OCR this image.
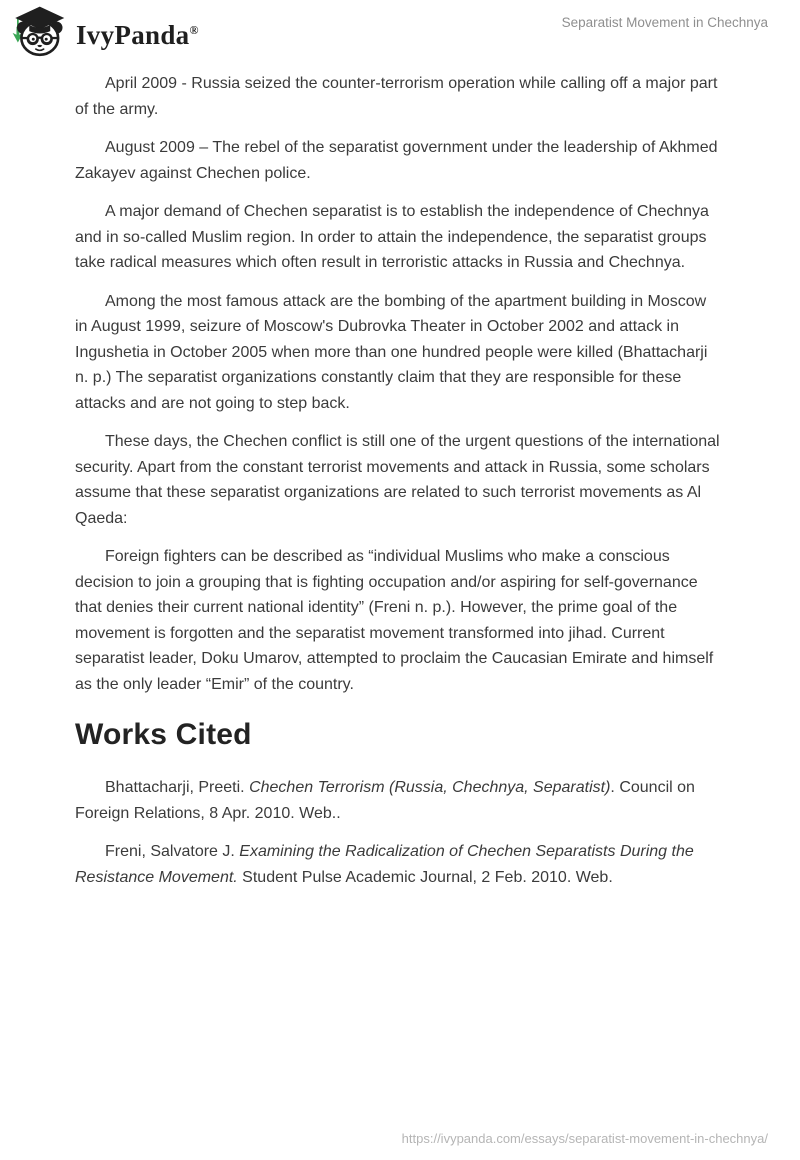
IvyPanda®	Separatist Movement in Chechnya

April 2009 - Russia seized the counter-terrorism operation while calling off a major part of the army.

August 2009 – The rebel of the separatist government under the leadership of Akhmed Zakayev against Chechen police.

A major demand of Chechen separatist is to establish the independence of Chechnya and in so-called Muslim region. In order to attain the independence, the separatist groups take radical measures which often result in terroristic attacks in Russia and Chechnya.

Among the most famous attack are the bombing of the apartment building in Moscow in August 1999, seizure of Moscow's Dubrovka Theater in October 2002 and attack in Ingushetia in October 2005 when more than one hundred people were killed (Bhattacharji n. p.) The separatist organizations constantly claim that they are responsible for these attacks and are not going to step back.

These days, the Chechen conflict is still one of the urgent questions of the international security. Apart from the constant terrorist movements and attack in Russia, some scholars assume that these separatist organizations are related to such terrorist movements as Al Qaeda:

Foreign fighters can be described as “individual Muslims who make a conscious decision to join a grouping that is fighting occupation and/or aspiring for self-governance that denies their current national identity” (Freni n. p.). However, the prime goal of the movement is forgotten and the separatist movement transformed into jihad. Current separatist leader, Doku Umarov, attempted to proclaim the Caucasian Emirate and himself as the only leader “Emir” of the country.

Works Cited

Bhattacharji, Preeti. Chechen Terrorism (Russia, Chechnya, Separatist). Council on Foreign Relations, 8 Apr. 2010. Web..

Freni, Salvatore J. Examining the Radicalization of Chechen Separatists During the Resistance Movement. Student Pulse Academic Journal, 2 Feb. 2010. Web.

https://ivypanda.com/essays/separatist-movement-in-chechnya/
